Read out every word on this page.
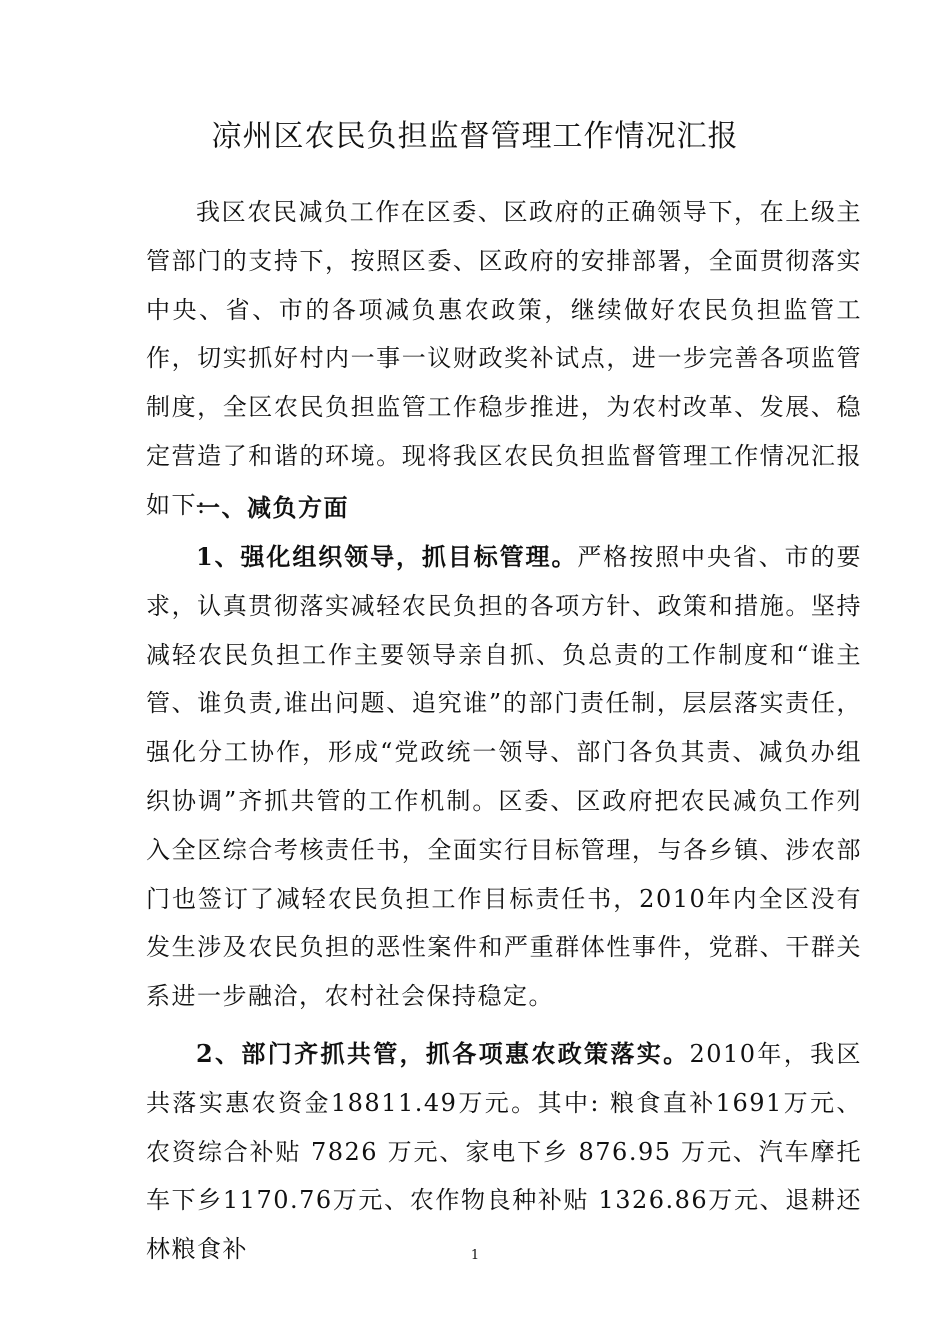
凉州区农民负担监督管理工作情况汇报

我区农民减负工作在区委、区政府的正确领导下，在上级主管部门的支持下，按照区委、区政府的安排部署，全面贯彻落实中央、省、市的各项减负惠农政策，继续做好农民负担监管工作，切实抓好村内一事一议财政奖补试点，进一步完善各项监管制度，全区农民负担监管工作稳步推进，为农村改革、发展、稳定营造了和谐的环境。现将我区农民负担监督管理工作情况汇报如下:

一、减负方面

1、强化组织领导，抓目标管理。严格按照中央省、市的要求，认真贯彻落实减轻农民负担的各项方针、政策和措施。坚持减轻农民负担工作主要领导亲自抓、负总责的工作制度和“谁主管、谁负责,谁出问题、追究谁”的部门责任制，层层落实责任，强化分工协作，形成“党政统一领导、部门各负其责、减负办组织协调”齐抓共管的工作机制。区委、区政府把农民减负工作列入全区综合考核责任书，全面实行目标管理，与各乡镇、涉农部门也签订了减轻农民负担工作目标责任书，2010年内全区没有发生涉及农民负担的恶性案件和严重群体性事件，党群、干群关系进一步融洽，农村社会保持稳定。

2、部门齐抓共管，抓各项惠农政策落实。2010年，我区共落实惠农资金18811.49万元。其中: 粮食直补1691万元、农资综合补贴 7826 万元、家电下乡 876.95 万元、汽车摩托车下乡1170.76万元、农作物良种补贴 1326.86万元、退耕还林粮食补	1
